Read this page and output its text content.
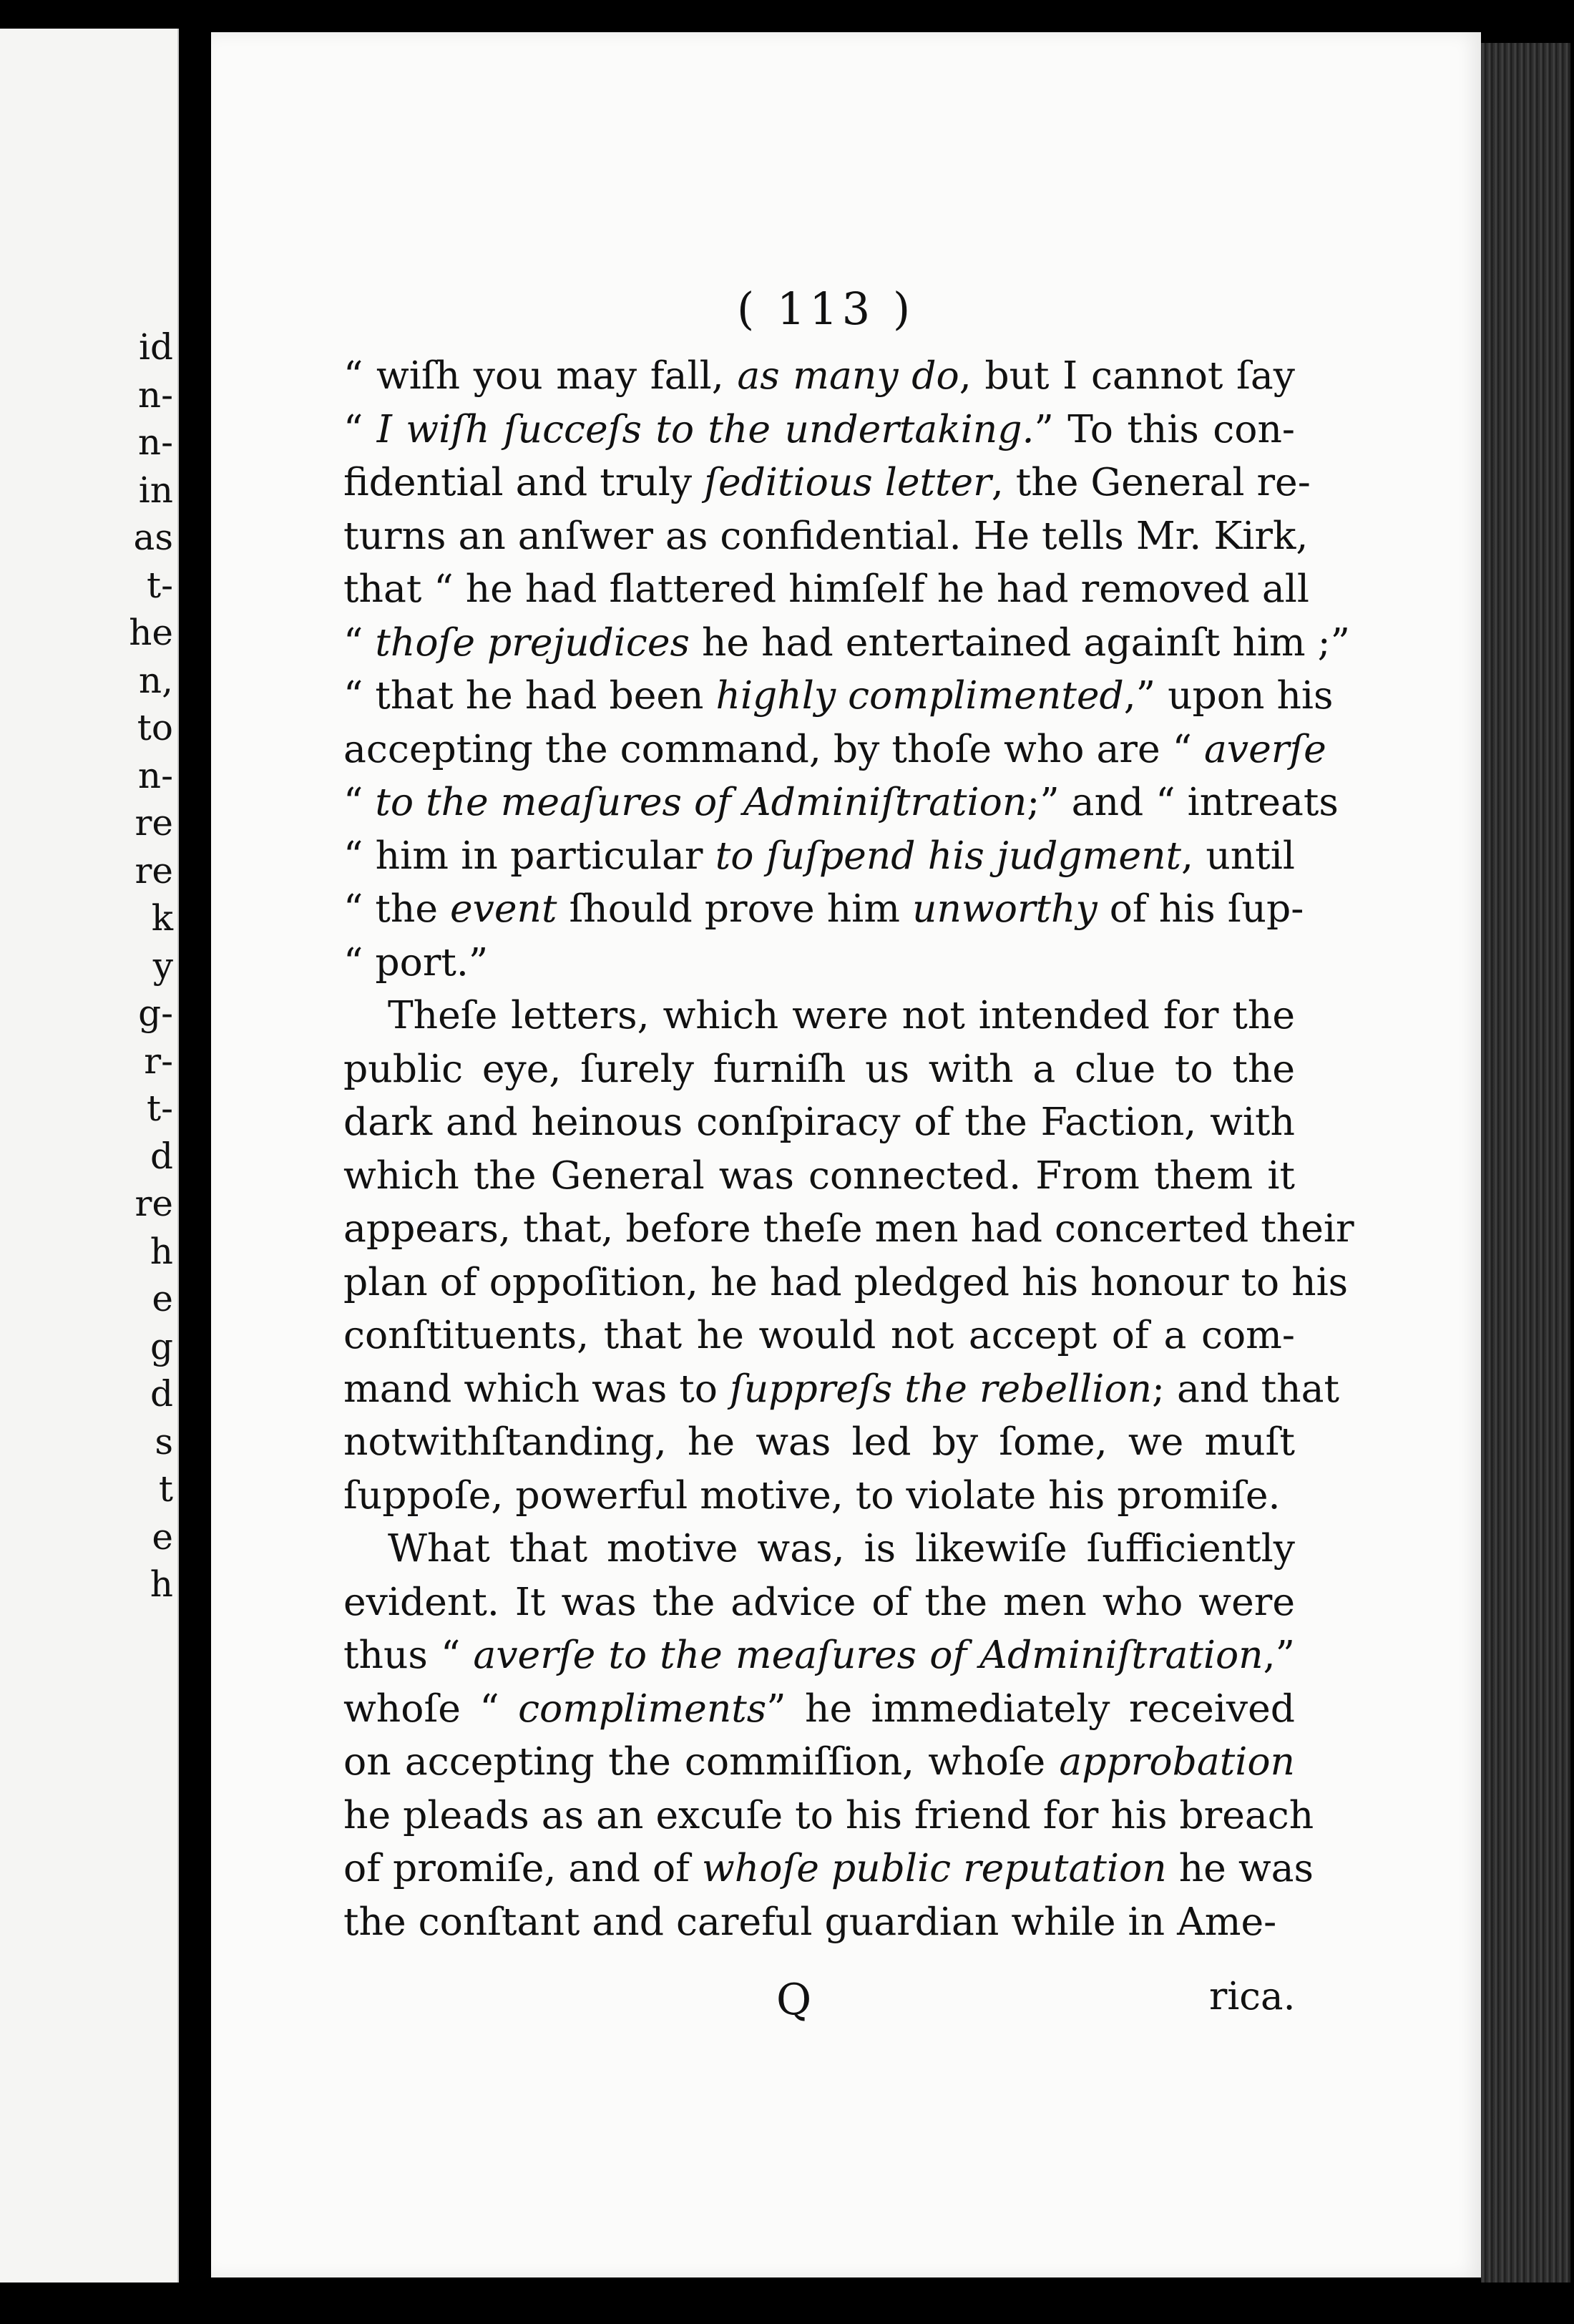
id
n-
n-
in
as
t-
he
n,
to
n-
re
re
k
y
g-
r-
t-
d
re
h
e
g
d
s
t
e
h
( 113 )
“ wiſh you may fall, as many do, but I cannot ſay
“ I wiſh ſucceſs to the undertaking.” To this con-
fidential and truly ſeditious letter, the General re-
turns an anſwer as confidential. He tells Mr. Kirk,
that “ he had flattered himſelf he had removed all
“ thoſe prejudices he had entertained againſt him ;”
“ that he had been highly complimented,” upon his
accepting the command, by thoſe who are “ averſe
“ to the meaſures of Adminiſtration;” and “ intreats
“ him in particular to ſuſpend his judgment, until
“ the event ſhould prove him unworthy of his ſup-
“ port.”
Theſe letters, which were not intended for the
public eye, ſurely furniſh us with a clue to the
dark and heinous conſpiracy of the Faction, with
which the General was connected. From them it
appears, that, before theſe men had concerted their
plan of oppoſition, he had pledged his honour to his
conſtituents, that he would not accept of a com-
mand which was to ſuppreſs the rebellion; and that
notwithſtanding, he was led by ſome, we muſt
ſuppoſe, powerful motive, to violate his promiſe.
What that motive was, is likewiſe ſufficiently
evident. It was the advice of the men who were
thus “ averſe to the meaſures of Adminiſtration,”
whoſe “ compliments” he immediately received
on accepting the commiſſion, whoſe approbation
he pleads as an excuſe to his friend for his breach
of promiſe, and of whoſe public reputation he was
the conſtant and careful guardian while in Ame-
Q	rica.
